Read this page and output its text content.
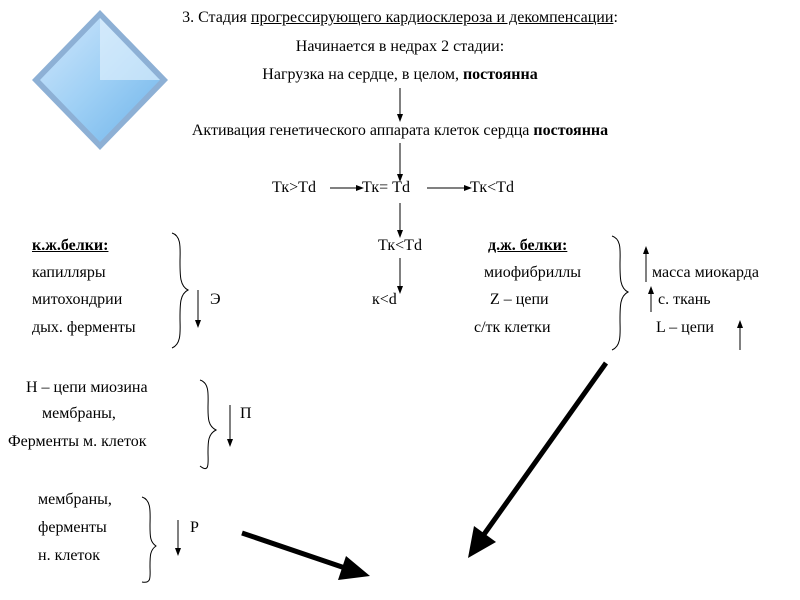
3. Стадия прогрессирующего кардиосклероза и декомпенсации:
Начинается в недрах 2 стадии:
Нагрузка на сердце, в целом, постоянна
Активация генетического аппарата клеток сердца постоянна
Тк>Тd	Тк= Тd	Тк<Тd
Тк<Тd
к<d
к.ж.белки:
капилляры
митохондрии
дых. ферменты
Э
д.ж. белки:
миофибриллы
Z – цепи
с/тк клетки
масса миокарда
с. ткань
L – цепи
H – цепи миозина
мембраны,
Ферменты м. клеток
П
мембраны,
ферменты
н. клеток
Р
